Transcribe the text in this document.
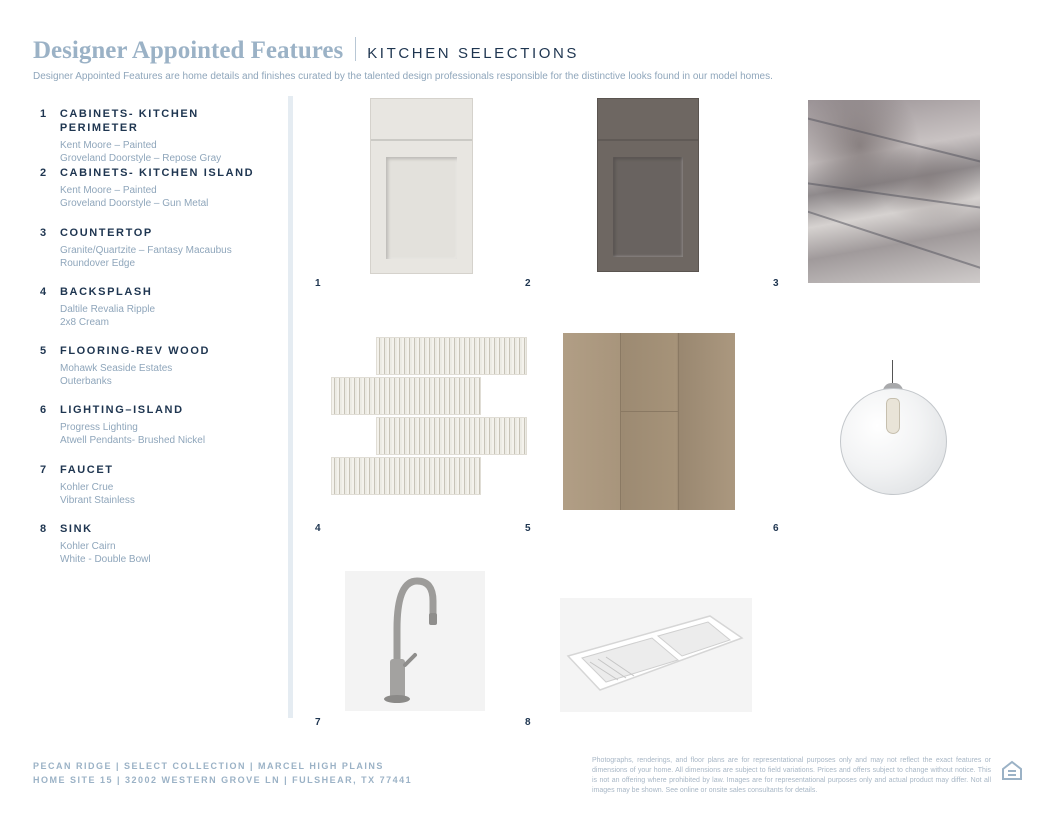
Designer Appointed Features KITCHEN SELECTIONS
Designer Appointed Features are home details and finishes curated by the talented design professionals responsible for the distinctive looks found in our model homes.
1	CABINETS- KITCHEN PERIMETER
Kent Moore – Painted
Groveland Doorstyle – Repose Gray
2	CABINETS- KITCHEN ISLAND
Kent Moore – Painted
Groveland Doorstyle – Gun Metal
3	COUNTERTOP
Granite/Quartzite – Fantasy Macaubus
Roundover Edge
4	BACKSPLASH
Daltile Revalia Ripple
2x8 Cream
5	FLOORING-REV WOOD
Mohawk Seaside Estates
Outerbanks
6	LIGHTING–ISLAND
Progress Lighting
Atwell Pendants- Brushed Nickel
7	FAUCET
Kohler Crue
Vibrant Stainless
8	SINK
Kohler Cairn
White - Double Bowl
1	2	3
4	5	6
7	8
PECAN RIDGE | SELECT COLLECTION | MARCEL HIGH PLAINS
HOME SITE 15 | 32002 WESTERN GROVE LN | FULSHEAR, TX 77441
Photographs, renderings, and floor plans are for representational purposes only and may not reflect the exact features or dimensions of your home. All dimensions are subject to field variations. Prices and offers subject to change without notice. This is not an offering where prohibited by law. Images are for representational purposes only and actual product may differ. Not all images may be shown. See online or onsite sales consultants for details.
